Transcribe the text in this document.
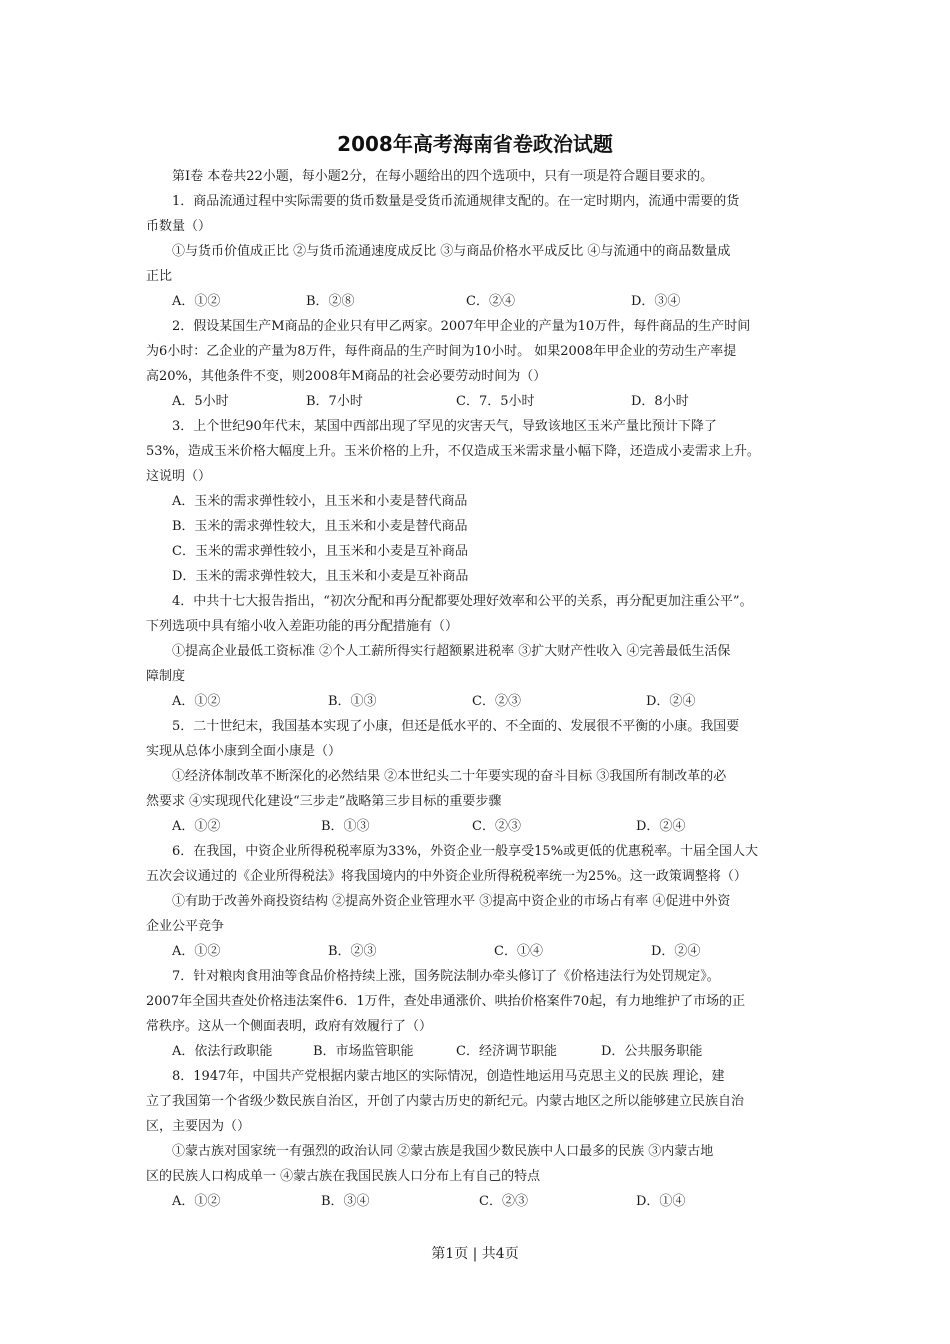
2008年高考海南省卷政治试题
第Ⅰ卷 本卷共22小题，每小题2分，在每小题给出的四个选项中，只有一项是符合题目要求的。
1．商品流通过程中实际需要的货币数量是受货币流通规律支配的。在一定时期内，流通中需要的货
币数量（）
①与货币价值成正比 ②与货币流通速度成反比 ③与商品价格水平成反比 ④与流通中的商品数量成
正比
A．①②	B．②⑧	C．②④	D．③④
2．假设某国生产M商品的企业只有甲乙两家。2007年甲企业的产量为10万件，每件商品的生产时间
为6小时：乙企业的产量为8万件，每件商品的生产时间为10小时。 如果2008年甲企业的劳动生产率提
高20%，其他条件不变，则2008年M商品的社会必要劳动时间为（）
A．5小时	B．7小时	C．7．5小时	D．8小时
3．上个世纪90年代末，某国中西部出现了罕见的灾害天气，导致该地区玉米产量比预计下降了
53%，造成玉米价格大幅度上升。玉米价格的上升，不仅造成玉米需求量小幅下降，还造成小麦需求上升。
这说明（）
A．玉米的需求弹性较小，且玉米和小麦是替代商品
B．玉米的需求弹性较大，且玉米和小麦是替代商品
C．玉米的需求弹性较小，且玉米和小麦是互补商品
D．玉米的需求弹性较大，且玉米和小麦是互补商品
4．中共十七大报告指出，“初次分配和再分配都要处理好效率和公平的关系，再分配更加注重公平”。
下列选项中具有缩小收入差距功能的再分配措施有（）
①提高企业最低工资标准 ②个人工薪所得实行超额累进税率 ③扩大财产性收入 ④完善最低生活保
障制度
A．①②	B．①③	C．②③	D．②④
5．二十世纪末，我国基本实现了小康，但还是低水平的、不全面的、发展很不平衡的小康。我国要
实现从总体小康到全面小康是（）
①经济体制改革不断深化的必然结果 ②本世纪头二十年要实现的奋斗目标 ③我国所有制改革的必
然要求 ④实现现代化建设“三步走”战略第三步目标的重要步骤
A．①②	B．①③	C．②③	D．②④
6．在我国，中资企业所得税税率原为33%，外资企业一般享受15%或更低的优惠税率。十届全国人大
五次会议通过的《企业所得税法》将我国境内的中外资企业所得税税率统一为25%。这一政策调整将（）
①有助于改善外商投资结构 ②提高外资企业管理水平 ③提高中资企业的市场占有率 ④促进中外资
企业公平竞争
A．①②	B．②③	C．①④	D．②④
7．针对粮肉食用油等食品价格持续上涨，国务院法制办牵头修订了《价格违法行为处罚规定》。
2007年全国共查处价格违法案件6．1万件，查处串通涨价、哄抬价格案件70起，有力地维护了市场的正
常秩序。这从一个侧面表明，政府有效履行了（）
A．依法行政职能	B．市场监管职能	C．经济调节职能	D．公共服务职能
8．1947年，中国共产党根据内蒙古地区的实际情况，创造性地运用马克思主义的民族 理论，建
立了我国第一个省级少数民族自治区，开创了内蒙古历史的新纪元。内蒙古地区之所以能够建立民族自治
区，主要因为（）
①蒙古族对国家统一有强烈的政治认同 ②蒙古族是我国少数民族中人口最多的民族 ③内蒙古地
区的民族人口构成单一 ④蒙古族在我国民族人口分布上有自己的特点
A．①②	B．③④	C．②③	D．①④
第1页 | 共4页
